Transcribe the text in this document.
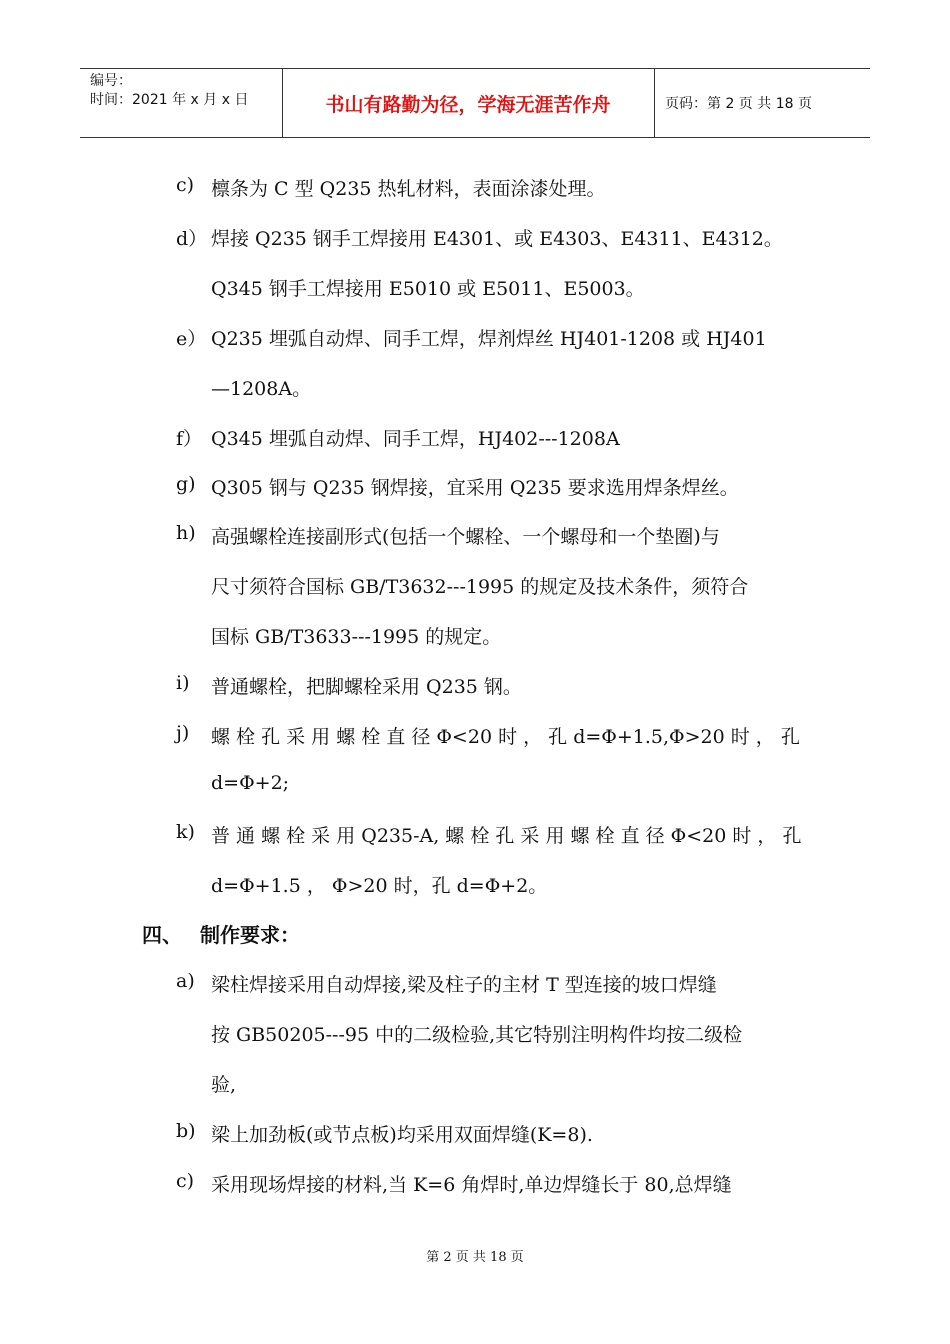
编号：
时间：2021 年 x 月 x 日	书山有路勤为径，学海无涯苦作舟	页码：第 2 页 共 18 页
c) 檩条为 C 型 Q235 热轧材料，表面涂漆处理。
d） 焊接 Q235 钢手工焊接用 E4301、或 E4303、E4311、E4312。
Q345 钢手工焊接用 E5010 或 E5011、E5003。
e） Q235 埋弧自动焊、同手工焊，焊剂焊丝 HJ401-1208 或 HJ401
—1208A。
f） Q345 埋弧自动焊、同手工焊，HJ402---1208A
g) Q305 钢与 Q235 钢焊接，宜采用 Q235 要求选用焊条焊丝。
h) 高强螺栓连接副形式(包括一个螺栓、一个螺母和一个垫圈)与
尺寸须符合国标 GB/T3632---1995 的规定及技术条件，须符合
国标 GB/T3633---1995 的规定。
i)	普通螺栓，把脚螺栓采用 Q235 钢。
j)	螺 栓 孔 采 用 螺 栓 直 径 Φ<20 时 ， 孔 d=Φ+1.5,Φ>20 时 ， 孔
d=Φ+2;
k) 普 通 螺 栓 采 用 Q235-A, 螺 栓 孔 采 用 螺 栓 直 径 Φ<20 时 ， 孔
d=Φ+1.5 ， Φ>20 时，孔 d=Φ+2。
四、 制作要求：
a) 梁柱焊接采用自动焊接,梁及柱子的主材 T 型连接的坡口焊缝
按 GB50205---95 中的二级检验,其它特别注明构件均按二级检
验,
b) 梁上加劲板(或节点板)均采用双面焊缝(K=8).
c) 采用现场焊接的材料,当 K=6 角焊时,单边焊缝长于 80,总焊缝
第 2 页 共 18 页
